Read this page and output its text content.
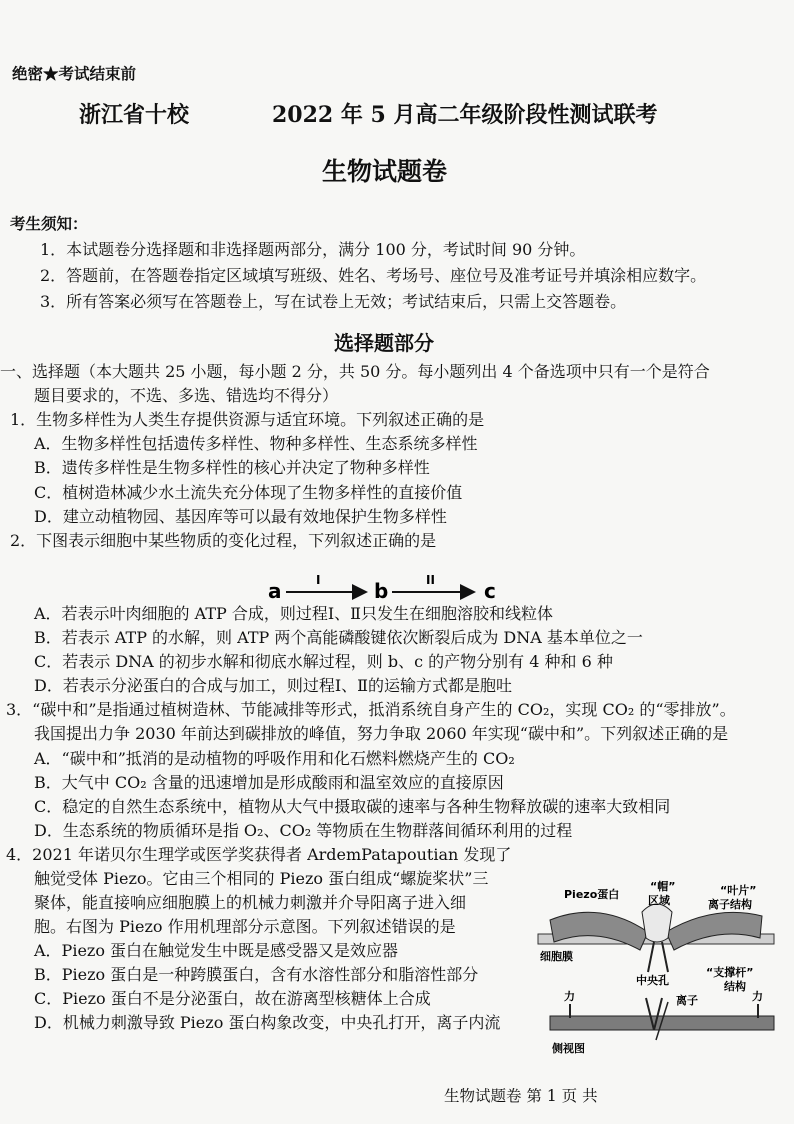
绝密★考试结束前
浙江省十校	2022 年 5 月高二年级阶段性测试联考
生物试题卷
考生须知：
1．本试题卷分选择题和非选择题两部分，满分 100 分，考试时间 90 分钟。
2．答题前，在答题卷指定区域填写班级、姓名、考场号、座位号及准考证号并填涂相应数字。
3．所有答案必须写在答题卷上，写在试卷上无效；考试结束后，只需上交答题卷。
选择题部分
一、选择题（本大题共 25 小题，每小题 2 分，共 50 分。每小题列出 4 个备选项中只有一个是符合
题目要求的，不选、多选、错选均不得分）
1．生物多样性为人类生存提供资源与适宜环境。下列叙述正确的是
A．生物多样性包括遗传多样性、物种多样性、生态系统多样性
B．遗传多样性是生物多样性的核心并决定了物种多样性
C．植树造林减少水土流失充分体现了生物多样性的直接价值
D．建立动植物园、基因库等可以最有效地保护生物多样性
2．下图表示细胞中某些物质的变化过程，下列叙述正确的是
a	I	b	II c
A．若表示叶肉细胞的 ATP 合成，则过程Ⅰ、Ⅱ只发生在细胞溶胶和线粒体
B．若表示 ATP 的水解，则 ATP 两个高能磷酸键依次断裂后成为 DNA 基本单位之一
C．若表示 DNA 的初步水解和彻底水解过程，则 b、c 的产物分别有 4 种和 6 种
D．若表示分泌蛋白的合成与加工，则过程Ⅰ、Ⅱ的运输方式都是胞吐
3．“碳中和”是指通过植树造林、节能减排等形式，抵消系统自身产生的 CO₂，实现 CO₂ 的“零排放”。
我国提出力争 2030 年前达到碳排放的峰值，努力争取 2060 年实现“碳中和”。下列叙述正确的是
A．“碳中和”抵消的是动植物的呼吸作用和化石燃料燃烧产生的 CO₂
B．大气中 CO₂ 含量的迅速增加是形成酸雨和温室效应的直接原因
C．稳定的自然生态系统中，植物从大气中摄取碳的速率与各种生物释放碳的速率大致相同
D．生态系统的物质循环是指 O₂、CO₂ 等物质在生物群落间循环利用的过程
4．2021 年诺贝尔生理学或医学奖获得者 ArdemPatapoutian 发现了
触觉受体 Piezo。它由三个相同的 Piezo 蛋白组成“螺旋桨状”三
聚体，能直接响应细胞膜上的机械力刺激并介导阳离子进入细
胞。右图为 Piezo 作用机理部分示意图。下列叙述错误的是
A．Piezo 蛋白在触觉发生中既是感受器又是效应器
B．Piezo 蛋白是一种跨膜蛋白，含有水溶性部分和脂溶性部分
C．Piezo 蛋白不是分泌蛋白，故在游离型核糖体上合成
D．机械力刺激导致 Piezo 蛋白构象改变，中央孔打开，离子内流
Piezo蛋白
“帽”
区域
“叶片”
离子结构
细胞膜
“支撑杆”
结构
中央孔
力	力
离子
侧视图
生物试题卷 第 1 页 共
